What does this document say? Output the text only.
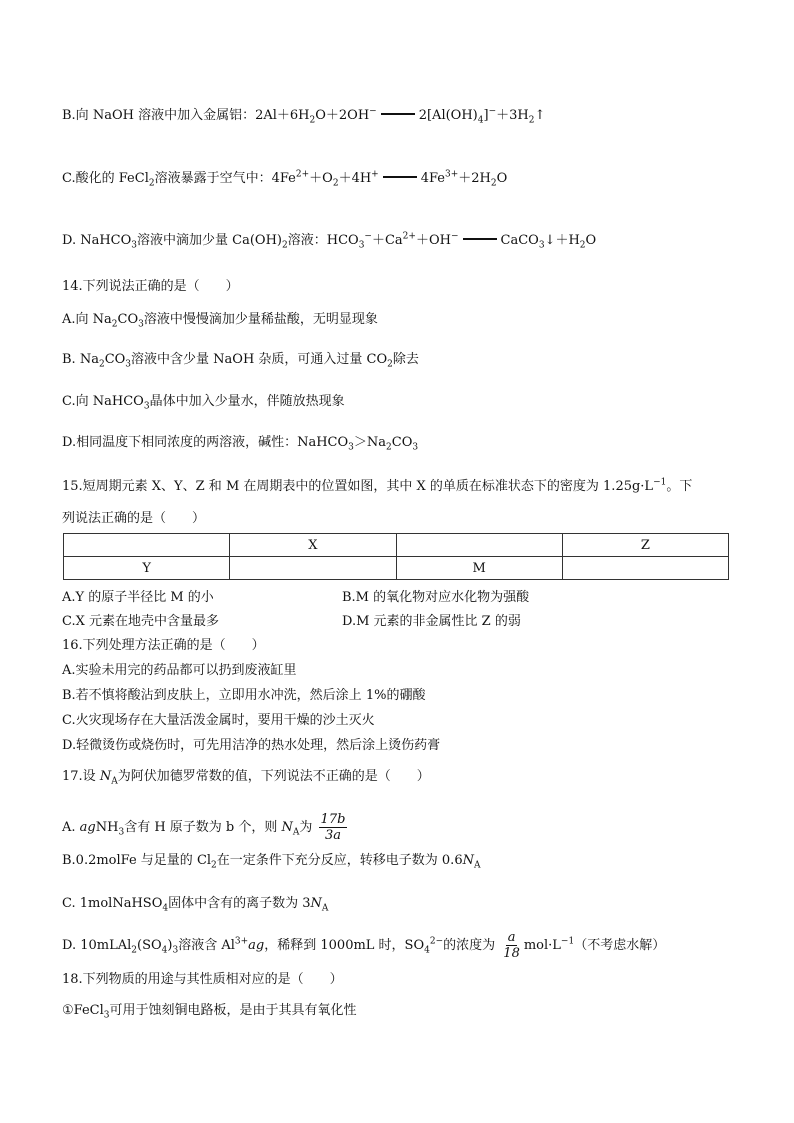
B.向 NaOH 溶液中加入金属铝：$2Al+6H_2O+2OH^-$	$2[Al(OH)_4]^-+3H_2↑$
C.酸化的 FeCl$_2$溶液暴露于空气中：$4Fe^{2+}+O_2+4H^+$	$4Fe^{3+}+2H_2O$
D. NaHCO$_3$溶液中滴加少量 $Ca(OH)_2$溶液：$HCO_3^-+Ca^{2+}+OH^-$	$CaCO_3↓+H_2O$
14.下列说法正确的是（　　）
A.向 $Na_2CO_3$溶液中慢慢滴加少量稀盐酸，无明显现象
B. $Na_2CO_3$溶液中含少量 NaOH 杂质，可通入过量 $CO_2$除去
C.向 NaHCO$_3$晶体中加入少量水，伴随放热现象
D.相同温度下相同浓度的两溶液，碱性：$NaHCO_3>Na_2CO_3$
15.短周期元素 X、Y、Z 和 M 在周期表中的位置如图，其中 X 的单质在标准状态下的密度为 $1.25g\cdot L^{-1}$。下
列说法正确的是（　　）
	X		Z
Y		M	
A.Y 的原子半径比 M 的小	B.M 的氧化物对应水化物为强酸
C.X 元素在地壳中含量最多	D.M 元素的非金属性比 Z 的弱
16.下列处理方法正确的是（　　）
A.实验未用完的药品都可以扔到废液缸里
B.若不慎将酸沾到皮肤上，立即用水冲洗，然后涂上 1%的硼酸
C.火灾现场存在大量活泼金属时，要用干燥的沙土灭火
D.轻微烫伤或烧伤时，可先用洁净的热水处理，然后涂上烫伤药膏
17.设 $N_A$为阿伏加德罗常数的值，下列说法不正确的是（　　）
A. agNH$_3$含有 H 原子数为 b 个，则 $N_A$为 $\frac{17b}{3a}$
B.0.2molFe 与足量的 $Cl_2$在一定条件下充分反应，转移电子数为 $0.6N_A$
C. 1molNaHSO$_4$固体中含有的离子数为 $3N_A$
D. $10mLAl_2(SO_4)_3$溶液含 $Al^{3+}ag$，稀释到 1000mL 时，$SO_4^{2-}$的浓度为 $\frac{a}{18} mol\cdot L^{-1}$（不考虑水解）
18.下列物质的用途与其性质相对应的是（　　）
①FeCl$_3$可用于蚀刻铜电路板，是由于其具有氧化性
